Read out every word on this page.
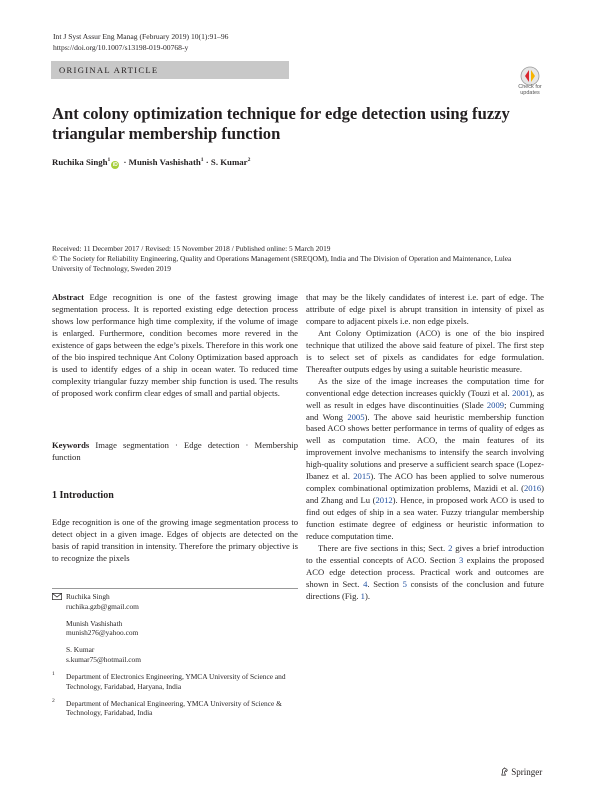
Int J Syst Assur Eng Manag (February 2019) 10(1):91–96
https://doi.org/10.1007/s13198-019-00768-y
ORIGINAL ARTICLE
Check for updates
Ant colony optimization technique for edge detection using fuzzy triangular membership function
Ruchika Singh$^1$iD · Munish Vashishath$^1$ · S. Kumar$^2$
Received: 11 December 2017 / Revised: 15 November 2018 / Published online: 5 March 2019
© The Society for Reliability Engineering, Quality and Operations Management (SREQOM), India and The Division of Operation and Maintenance, Lulea University of Technology, Sweden 2019

Abstract Edge recognition is one of the fastest growing image segmentation process. It is reported existing edge detection process shows low performance high time complexity, if the volume of image is enlarged. Furthermore, condition becomes more revered in the existence of gaps between the edge’s pixels. Therefore in this work one of the bio inspired technique Ant Colony Optimization based approach is used to identify edges of a ship in ocean water. To reduced time complexity triangular fuzzy member ship function is used. The results of proposed work confirm clear edges of small and partial objects.

Keywords Image segmentation · Edge detection · Membership function

1 Introduction

Edge recognition is one of the growing image segmentation process to detect object in a given image. Edges of objects are detected on the basis of rapid transition in intensity. Therefore the primary objective is to recognize the pixels

Ruchika Singh
ruchika.gzb@gmail.com
Munish Vashishath
munish276@yahoo.com
S. Kumar
s.kumar75@hotmail.com
1 Department of Electronics Engineering, YMCA University of Science and Technology, Faridabad, Haryana, India
2 Department of Mechanical Engineering, YMCA University of Science & Technology, Faridabad, India

that may be the likely candidates of interest i.e. part of edge. The attribute of edge pixel is abrupt transition in intensity of pixel as compare to adjacent pixels i.e. non edge pixels.

Ant Colony Optimization (ACO) is one of the bio inspired technique that utilized the above said feature of pixel. The first step is to select set of pixels as candidates for edge formulation. Thereafter outputs edges by using a suitable heuristic measure.

As the size of the image increases the computation time for conventional edge detection increases quickly (Touzi et al. 2001), as well as result in edges have discontinuities (Slade 2009; Cumming and Wong 2005). The above said heuristic membership function based ACO shows better performance in terms of quality of edges as well as computation time. ACO, the main features of its improvement involve mechanisms to intensify the search involving high-quality solutions and preserve a sufficient search space (Lopez-Ibanez et al. 2015). The ACO has been applied to solve numerous complex combinational optimization problems, Mazidi et al. (2016) and Zhang and Lu (2012). Hence, in proposed work ACO is used to find out edges of ship in a sea water. Fuzzy triangular membership function estimate degree of edginess or heuristic information to reduce computation time.

There are five sections in this; Sect. 2 gives a brief introduction to the essential concepts of ACO. Section 3 explains the proposed ACO edge detection process. Practical work and outcomes are shown in Sect. 4. Section 5 consists of the conclusion and future directions (Fig. 1).

Springer
